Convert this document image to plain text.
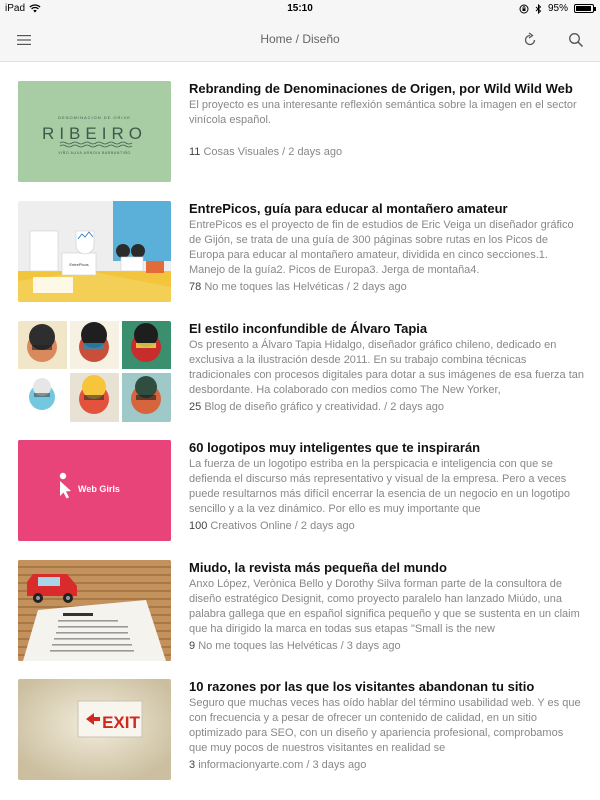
iPad	15:10	95%
Home / Diseño
DENOMINACION DE ORIXE
RIBEIRO
VIÑO AUXA ARNOIA BARBANTIÑO
Rebranding de Denominaciones de Origen, por Wild Wild Web
El proyecto es una interesante reflexión semántica sobre la imagen en el sector vinícola español.
11 Cosas Visuales / 2 days ago
EntrePicos
EntrePicos, guía para educar al montañero amateur
EntrePicos es el proyecto de fin de estudios de Eric Veiga un diseñador gráfico de Gijón, se trata de una guía de 300 páginas sobre rutas en los Picos de Europa para educar al montañero amateur, dividida en cinco secciones.1. Manejo de la guía2. Picos de Europa3. Jerga de montaña4.
78 No me toques las Helvéticas / 2 days ago
El estilo inconfundible de Álvaro Tapia
Os presento a Álvaro Tapia Hidalgo, diseñador gráfico chileno, dedicado en exclusiva a la ilustración desde 2011. En su trabajo combina técnicas tradicionales con procesos digitales para dotar a sus imágenes de esa fuerza tan desbordante. Ha colaborado con medios como The New Yorker,
25 Blog de diseño gráfico y creatividad. / 2 days ago
Web Girls
60 logotipos muy inteligentes que te inspirarán
La fuerza de un logotipo estriba en la perspicacia e inteligencia con que se defienda el discurso más representativo y visual de la empresa. Pero a veces puede resultarnos más difícil encerrar la esencia de un negocio en un logotipo sencillo y a la vez dinámico. Por ello es muy importante que
100 Creativos Online / 2 days ago
Miudo, la revista más pequeña del mundo
Anxo López, Verònica Bello y Dorothy Silva forman parte de la consultora de diseño estratégico Designit, como proyecto paralelo han lanzado Miúdo, una palabra gallega que en español significa pequeño y que se sustenta en un claim que ha dirigido la marca en todas sus etapas "Small is the new
9 No me toques las Helvéticas / 3 days ago
EXIT
10 razones por las que los visitantes abandonan tu sitio
Seguro que muchas veces has oído hablar del término usabilidad web. Y es que con frecuencia y a pesar de ofrecer un contenido de calidad, en un sitio optimizado para SEO, con un diseño y apariencia profesional, comprobamos que muy pocos de nuestros visitantes en realidad se
3 informacionyarte.com / 3 days ago
